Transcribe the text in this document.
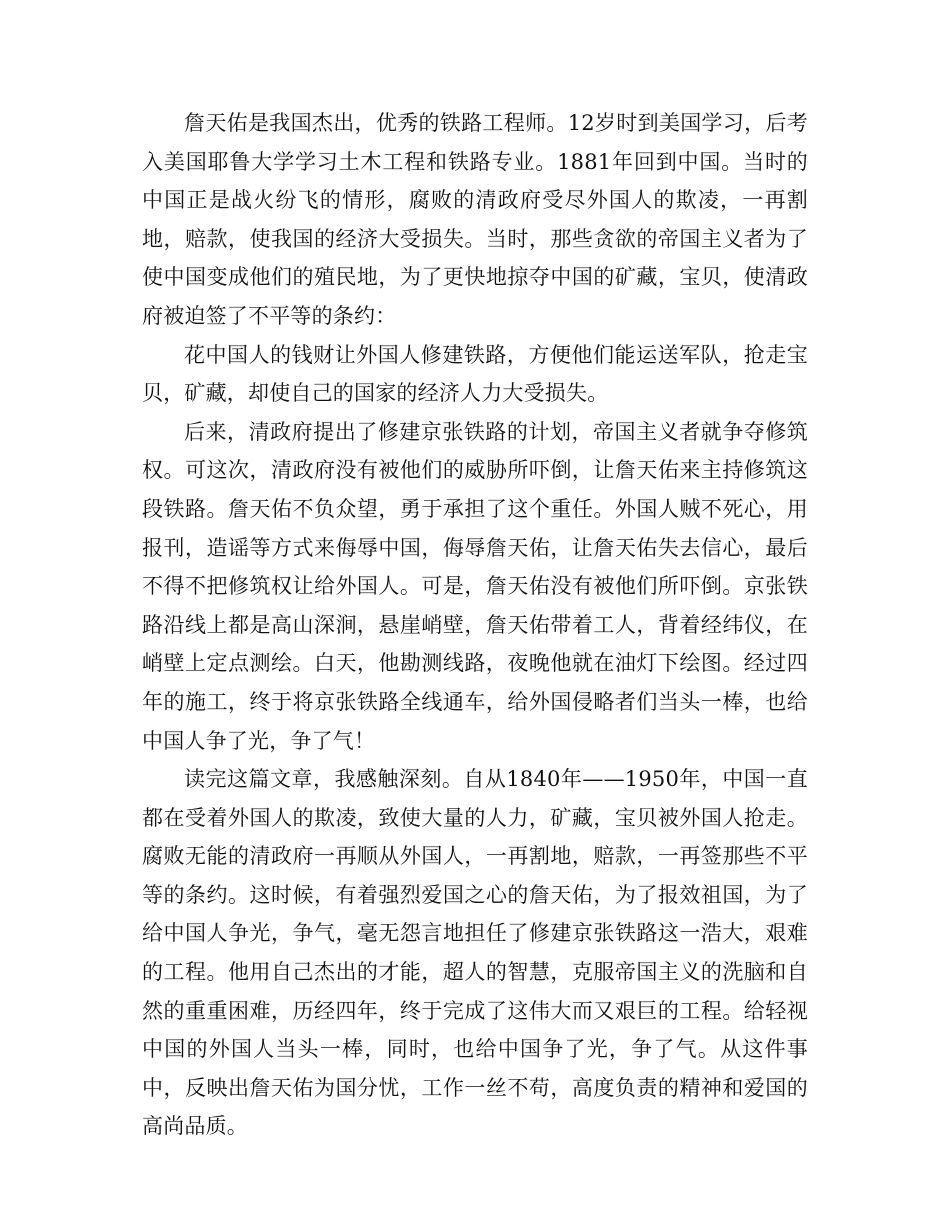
詹天佑是我国杰出，优秀的铁路工程师。12岁时到美国学习，后考入美国耶鲁大学学习土木工程和铁路专业。1881年回到中国。当时的中国正是战火纷飞的情形，腐败的清政府受尽外国人的欺凌，一再割地，赔款，使我国的经济大受损失。当时，那些贪欲的帝国主义者为了使中国变成他们的殖民地，为了更快地掠夺中国的矿藏，宝贝，使清政府被迫签了不平等的条约：

花中国人的钱财让外国人修建铁路，方便他们能运送军队，抢走宝贝，矿藏，却使自己的国家的经济人力大受损失。

后来，清政府提出了修建京张铁路的计划，帝国主义者就争夺修筑权。可这次，清政府没有被他们的威胁所吓倒，让詹天佑来主持修筑这段铁路。詹天佑不负众望，勇于承担了这个重任。外国人贼不死心，用报刊，造谣等方式来侮辱中国，侮辱詹天佑，让詹天佑失去信心，最后不得不把修筑权让给外国人。可是，詹天佑没有被他们所吓倒。京张铁路沿线上都是高山深涧，悬崖峭壁，詹天佑带着工人，背着经纬仪，在峭壁上定点测绘。白天，他勘测线路，夜晚他就在油灯下绘图。经过四年的施工，终于将京张铁路全线通车，给外国侵略者们当头一棒，也给中国人争了光，争了气！

读完这篇文章，我感触深刻。自从1840年——1950年，中国一直都在受着外国人的欺凌，致使大量的人力，矿藏，宝贝被外国人抢走。腐败无能的清政府一再顺从外国人，一再割地，赔款，一再签那些不平等的条约。这时候，有着强烈爱国之心的詹天佑，为了报效祖国，为了给中国人争光，争气，毫无怨言地担任了修建京张铁路这一浩大，艰难的工程。他用自己杰出的才能，超人的智慧，克服帝国主义的洗脑和自然的重重困难，历经四年，终于完成了这伟大而又艰巨的工程。给轻视中国的外国人当头一棒，同时，也给中国争了光，争了气。从这件事中，反映出詹天佑为国分忧，工作一丝不苟，高度负责的精神和爱国的高尚品质。
